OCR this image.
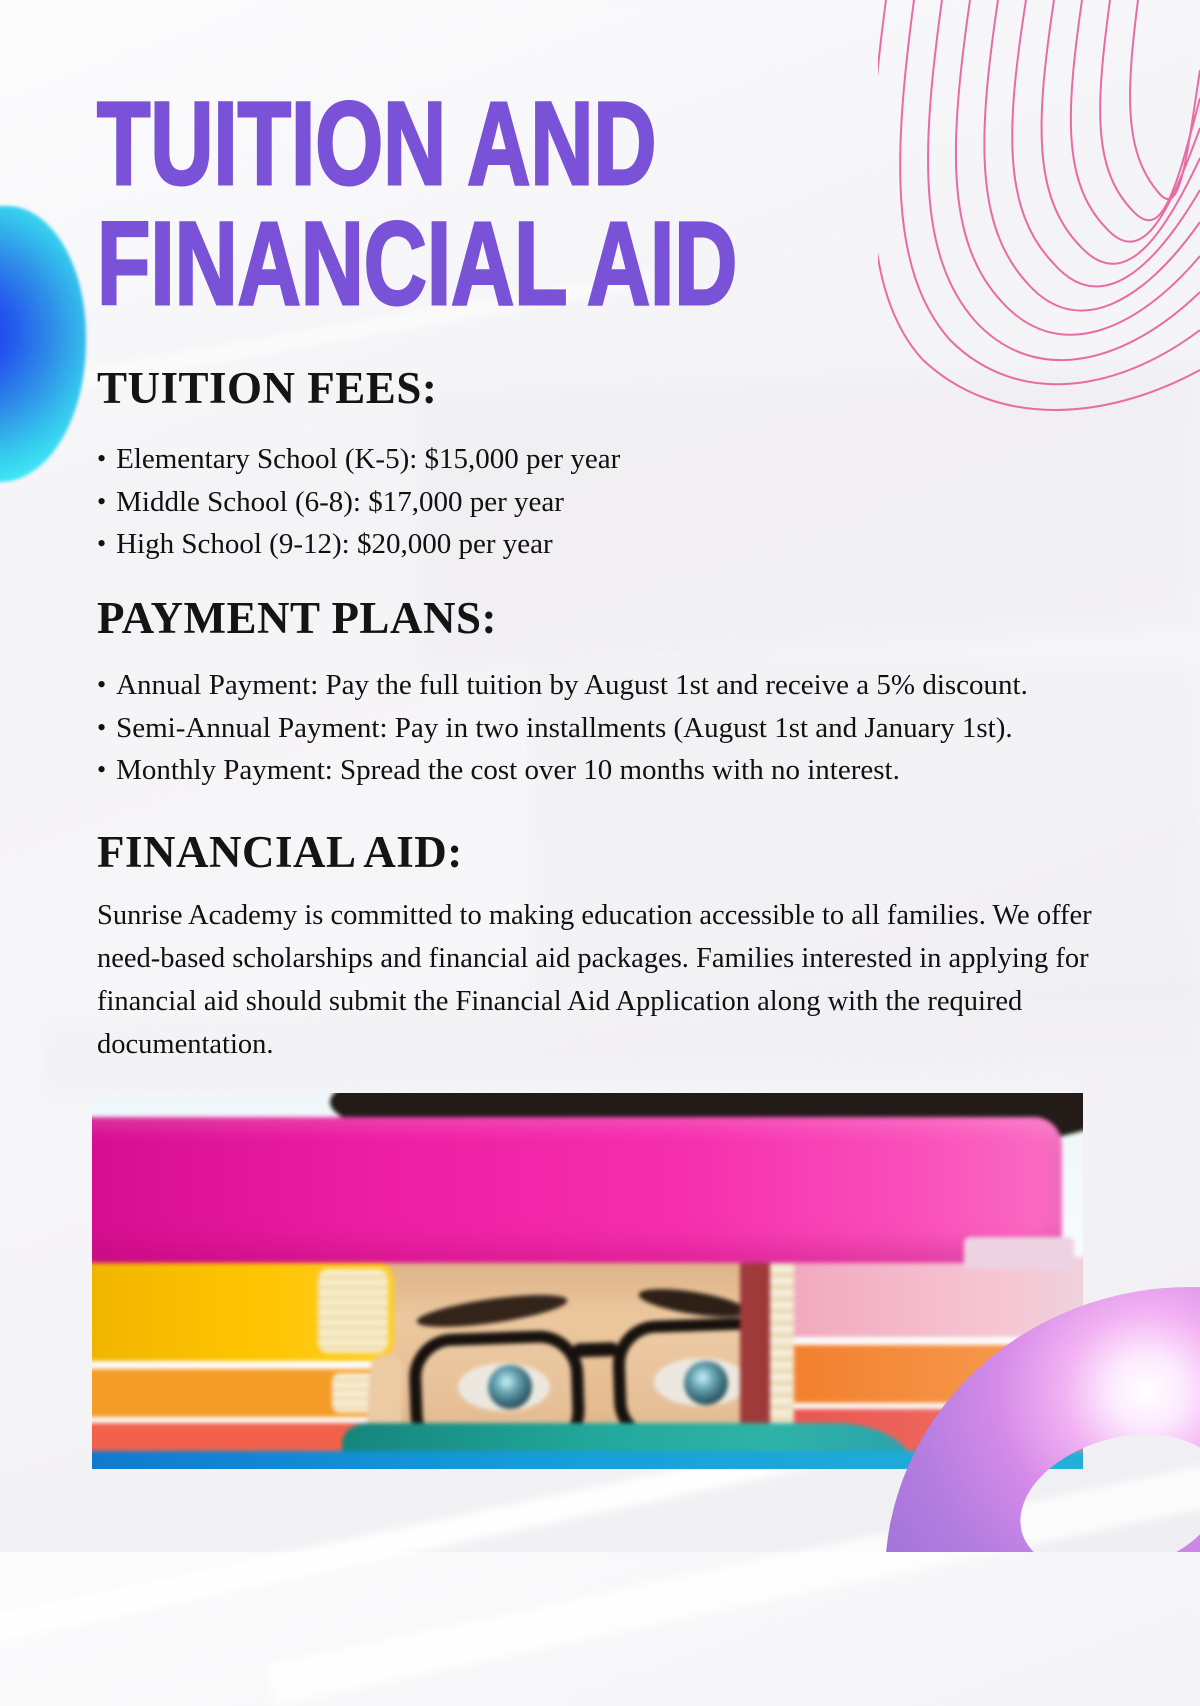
TUITION AND
FINANCIAL AID
TUITION FEES:
• Elementary School (K-5): $15,000 per year
• Middle School (6-8): $17,000 per year
• High School (9-12): $20,000 per year
PAYMENT PLANS:
• Annual Payment: Pay the full tuition by August 1st and receive a 5% discount.
• Semi-Annual Payment: Pay in two installments (August 1st and January 1st).
• Monthly Payment: Spread the cost over 10 months with no interest.
FINANCIAL AID:
Sunrise Academy is committed to making education accessible to all families. We offer need-based scholarships and financial aid packages. Families interested in applying for financial aid should submit the Financial Aid Application along with the required documentation.
